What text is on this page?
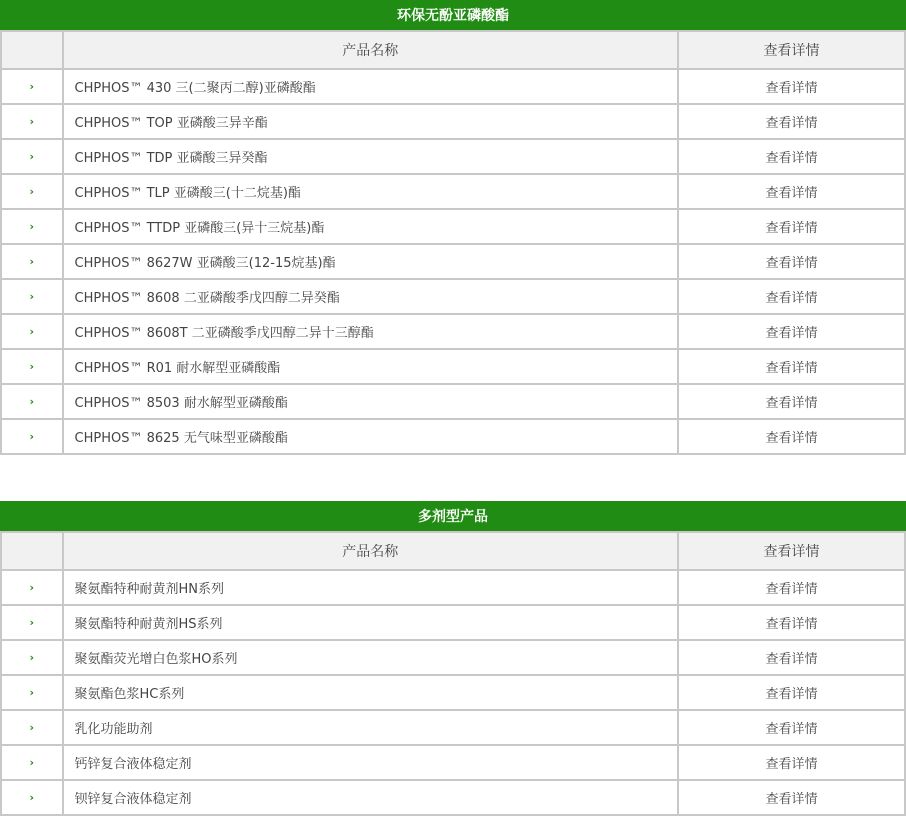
环保无酚亚磷酸酯
	产品名称	查看详情
›	CHPHOS™ 430 三(二聚丙二醇)亚磷酸酯	查看详情
›	CHPHOS™ TOP 亚磷酸三异辛酯	查看详情
›	CHPHOS™ TDP 亚磷酸三异癸酯	查看详情
›	CHPHOS™ TLP 亚磷酸三(十二烷基)酯	查看详情
›	CHPHOS™ TTDP 亚磷酸三(异十三烷基)酯	查看详情
›	CHPHOS™ 8627W 亚磷酸三(12-15烷基)酯	查看详情
›	CHPHOS™ 8608 二亚磷酸季戊四醇二异癸酯	查看详情
›	CHPHOS™ 8608T 二亚磷酸季戊四醇二异十三醇酯	查看详情
›	CHPHOS™ R01 耐水解型亚磷酸酯	查看详情
›	CHPHOS™ 8503 耐水解型亚磷酸酯	查看详情
›	CHPHOS™ 8625 无气味型亚磷酸酯	查看详情
多剂型产品
	产品名称	查看详情
›	聚氨酯特种耐黄剂HN系列	查看详情
›	聚氨酯特种耐黄剂HS系列	查看详情
›	聚氨酯荧光增白色浆HO系列	查看详情
›	聚氨酯色浆HC系列	查看详情
›	乳化功能助剂	查看详情
›	钙锌复合液体稳定剂	查看详情
›	钡锌复合液体稳定剂	查看详情
